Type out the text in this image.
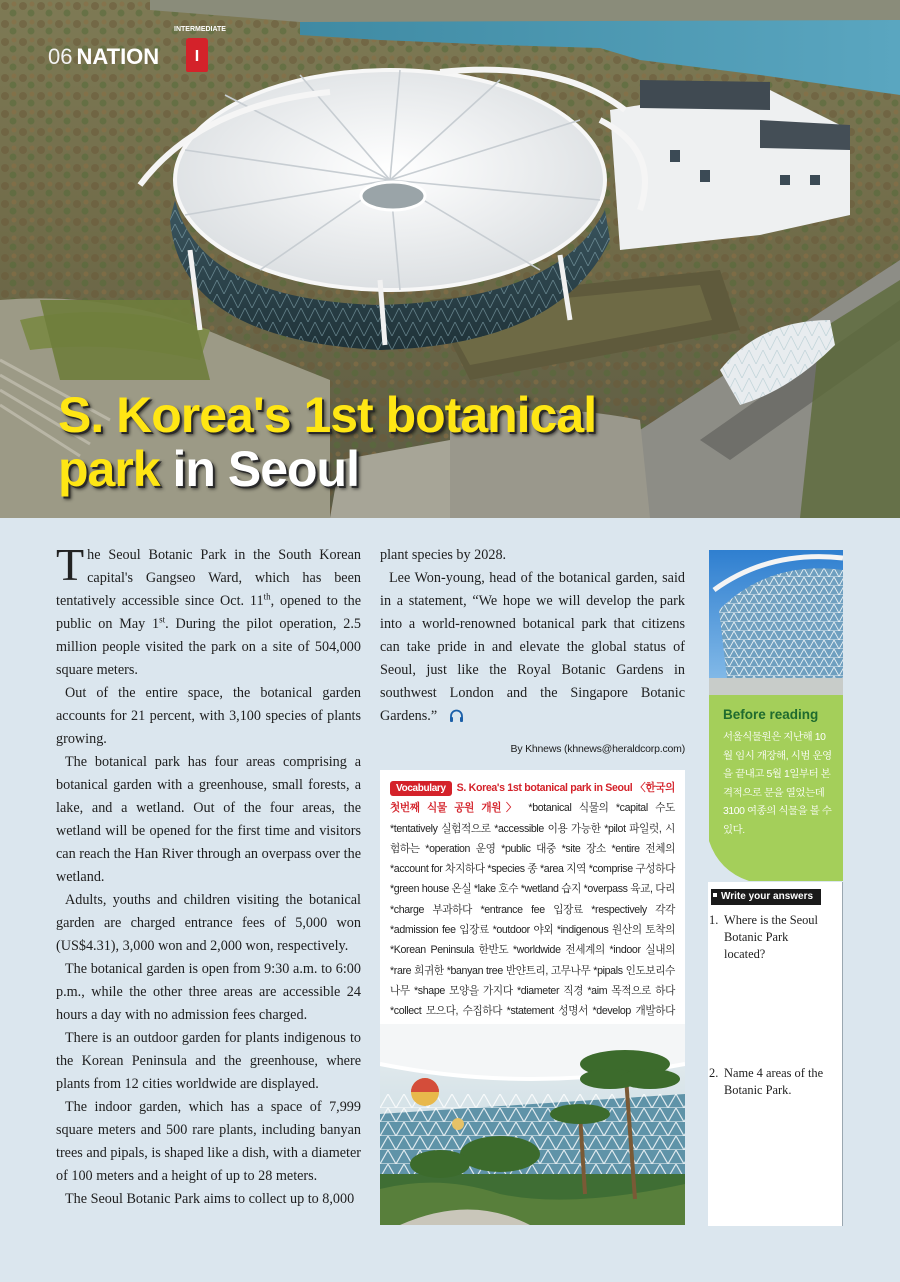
06 NATION
INTERMEDIATE
I
S. Korea's 1st botanical
park in Seoul

The Seoul Botanic Park in the South Korean capital's Gangseo Ward, which has been tentatively accessible since Oct. 11th, opened to the public on May 1st. During the pilot operation, 2.5 million people visited the park on a site of 504,000 square meters.

Out of the entire space, the botanical garden accounts for 21 percent, with 3,100 species of plants growing.

The botanical park has four areas comprising a botanical garden with a greenhouse, small forests, a lake, and a wetland. Out of the four areas, the wetland will be opened for the first time and visitors can reach the Han River through an overpass over the wetland.

Adults, youths and children visiting the botanical garden are charged entrance fees of 5,000 won (US$4.31), 3,000 won and 2,000 won, respectively.

The botanical garden is open from 9:30 a.m. to 6:00 p.m., while the other three areas are accessible 24 hours a day with no admission fees charged.

There is an outdoor garden for plants indigenous to the Korean Peninsula and the greenhouse, where plants from 12 cities worldwide are displayed.

The indoor garden, which has a space of 7,999 square meters and 500 rare plants, including banyan trees and pipals, is shaped like a dish, with a diameter of 100 meters and a height of up to 28 meters.

The Seoul Botanic Park aims to collect up to 8,000

plant species by 2028.

Lee Won-young, head of the botanical garden, said in a statement, “We hope we will develop the park into a world-renowned botanical park that citizens can take pride in and elevate the global status of Seoul, just like the Royal Botanic Gardens in southwest London and the Singapore Botanic Gardens.”

By Khnews (khnews@heraldcorp.com)
Vocabulary S. Korea's 1st botanical park in Seoul 〈한국의 첫번째 식물 공원 개원〉 *botanical 식물의 *capital 수도 *tentatively 실험적으로 *accessible 이용 가능한 *pilot 파일럿, 시험하는 *operation 운영 *public 대중 *site 장소 *entire 전체의 *account for 차지하다 *species 종 *area 지역 *comprise 구성하다 *green house 온실 *lake 호수 *wetland 습지 *overpass 육교, 다리 *charge 부과하다 *entrance fee 입장료 *respectively 각각 *admission fee 입장료 *outdoor 야외 *indigenous 원산의 토착의 *Korean Peninsula 한반도 *worldwide 전세계의 *indoor 실내의 *rare 희귀한 *banyan tree 반얀트리, 고무나무 *pipals 인도보리수 나무 *shape 모양을 가지다 *diameter 직경 *aim 목적으로 하다 *collect 모으다, 수집하다 *statement 성명서 *develop 개발하다
Before reading
서울식물원은 지난해 10월 임시 개장해, 시범 운영을 끝내고 5월 1일부터 본격적으로 문을 열었는데 3100 여종의 식물을 볼 수 있다.
Write your answers
1. Where is the Seoul Botanic Park located?
2. Name 4 areas of the Botanic Park.
